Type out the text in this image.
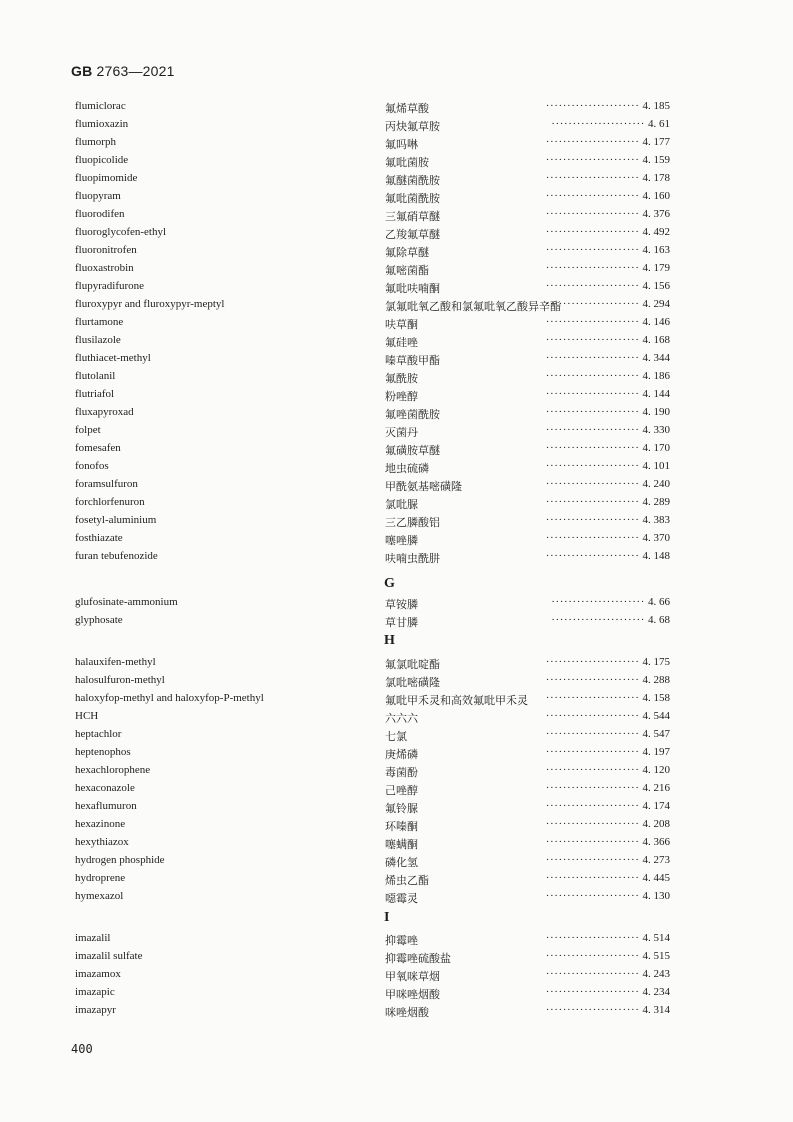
GB 2763—2021
flumiclorac	氟烯草酸	······················ 4. 185
flumioxazin	丙炔氟草胺	······················ 4. 61
flumorph	氟吗啉	······················ 4. 177
fluopicolide	氟吡菌胺	······················ 4. 159
fluopimomide	氟醚菌酰胺	······················ 4. 178
fluopyram	氟吡菌酰胺	······················ 4. 160
fluorodifen	三氟硝草醚	······················ 4. 376
fluoroglycofen-ethyl	乙羧氟草醚	······················ 4. 492
fluoronitrofen	氟除草醚	······················ 4. 163
fluoxastrobin	氟嘧菌酯	······················ 4. 179
flupyradifurone	氟吡呋喃酮	······················ 4. 156
fluroxypyr and fluroxypyr-meptyl	氯氟吡氧乙酸和氯氟吡氧乙酸异辛酯
······················ 4. 294
flurtamone	呋草酮	······················ 4. 146
flusilazole	氟硅唑	······················ 4. 168
fluthiacet-methyl	嗪草酸甲酯	······················ 4. 344
flutolanil	氟酰胺	······················ 4. 186
flutriafol	粉唑醇	······················ 4. 144
fluxapyroxad	氟唑菌酰胺	······················ 4. 190
folpet	灭菌丹	······················ 4. 330
fomesafen	氟磺胺草醚	······················ 4. 170
fonofos	地虫硫磷	······················ 4. 101
foramsulfuron	甲酰氨基嘧磺隆	······················ 4. 240
forchlorfenuron	氯吡脲	······················ 4. 289
fosetyl-aluminium	三乙膦酸铝	······················ 4. 383
fosthiazate	噻唑膦	······················ 4. 370
furan tebufenozide	呋喃虫酰肼	······················ 4. 148
G
glufosinate-ammonium	草铵膦	······················ 4. 66
glyphosate	草甘膦	······················ 4. 68
H
halauxifen-methyl	氟氯吡啶酯	······················ 4. 175
halosulfuron-methyl	氯吡嘧磺隆	······················ 4. 288
haloxyfop-methyl and haloxyfop-P-methyl	氟吡甲禾灵和高效氟吡甲禾灵 ······················ 4. 158
HCH	六六六	······················ 4. 544
heptachlor	七氯	······················ 4. 547
heptenophos	庚烯磷	······················ 4. 197
hexachlorophene	毒菌酚	······················ 4. 120
hexaconazole	己唑醇	······················ 4. 216
hexaflumuron	氟铃脲	······················ 4. 174
hexazinone	环嗪酮	······················ 4. 208
hexythiazox	噻螨酮	······················ 4. 366
hydrogen phosphide	磷化氢	······················ 4. 273
hydroprene	烯虫乙酯	······················ 4. 445
hymexazol	噁霉灵	······················ 4. 130
I
imazalil	抑霉唑	······················ 4. 514
imazalil sulfate	抑霉唑硫酸盐	······················ 4. 515
imazamox	甲氧咪草烟	······················ 4. 243
imazapic	甲咪唑烟酸	······················ 4. 234
imazapyr	咪唑烟酸	······················ 4. 314
400
